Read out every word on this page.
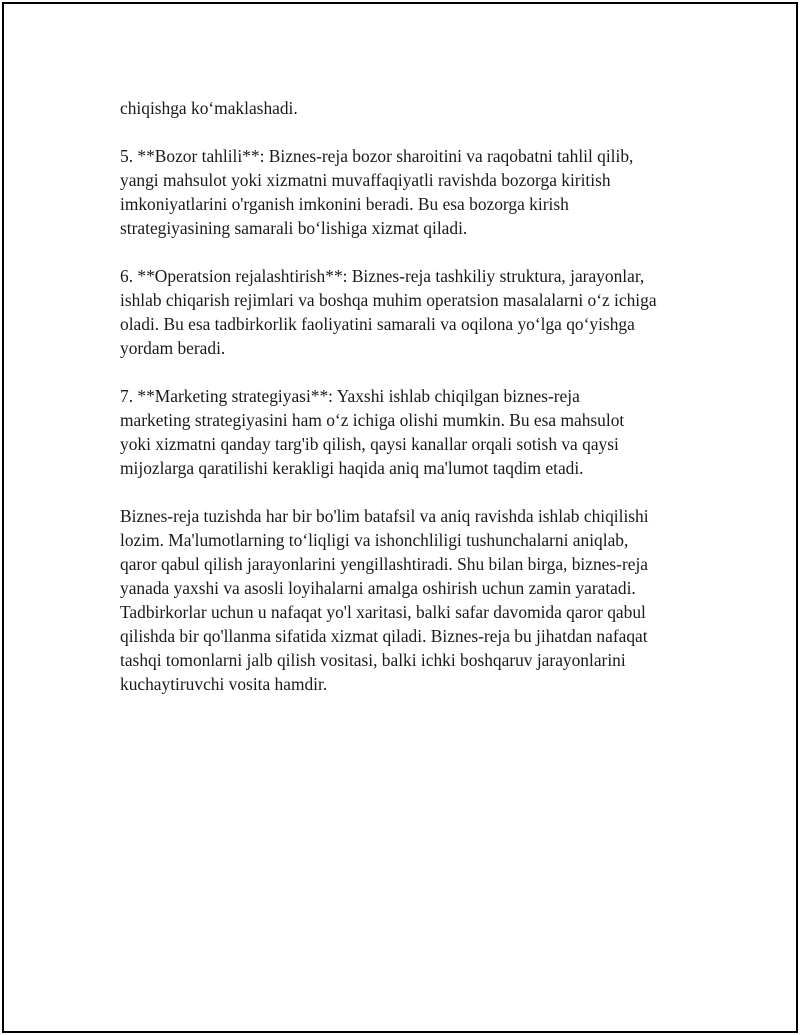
chiqishga ko‘maklashadi.

5. **Bozor tahlili**: Biznes-reja bozor sharoitini va raqobatni tahlil qilib,
yangi mahsulot yoki xizmatni muvaffaqiyatli ravishda bozorga kiritish
imkoniyatlarini o'rganish imkonini beradi. Bu esa bozorga kirish
strategiyasining samarali bo‘lishiga xizmat qiladi.

6. **Operatsion rejalashtirish**: Biznes-reja tashkiliy struktura, jarayonlar,
ishlab chiqarish rejimlari va boshqa muhim operatsion masalalarni o‘z ichiga
oladi. Bu esa tadbirkorlik faoliyatini samarali va oqilona yo‘lga qo‘yishga
yordam beradi.

7. **Marketing strategiyasi**: Yaxshi ishlab chiqilgan biznes-reja
marketing strategiyasini ham o‘z ichiga olishi mumkin. Bu esa mahsulot
yoki xizmatni qanday targ'ib qilish, qaysi kanallar orqali sotish va qaysi
mijozlarga qaratilishi kerakligi haqida aniq ma'lumot taqdim etadi.

Biznes-reja tuzishda har bir bo'lim batafsil va aniq ravishda ishlab chiqilishi
lozim. Ma'lumotlarning to‘liqligi va ishonchliligi tushunchalarni aniqlab,
qaror qabul qilish jarayonlarini yengillashtiradi. Shu bilan birga, biznes-reja
yanada yaxshi va asosli loyihalarni amalga oshirish uchun zamin yaratadi.
Tadbirkorlar uchun u nafaqat yo'l xaritasi, balki safar davomida qaror qabul
qilishda bir qo'llanma sifatida xizmat qiladi. Biznes-reja bu jihatdan nafaqat
tashqi tomonlarni jalb qilish vositasi, balki ichki boshqaruv jarayonlarini
kuchaytiruvchi vosita hamdir.
